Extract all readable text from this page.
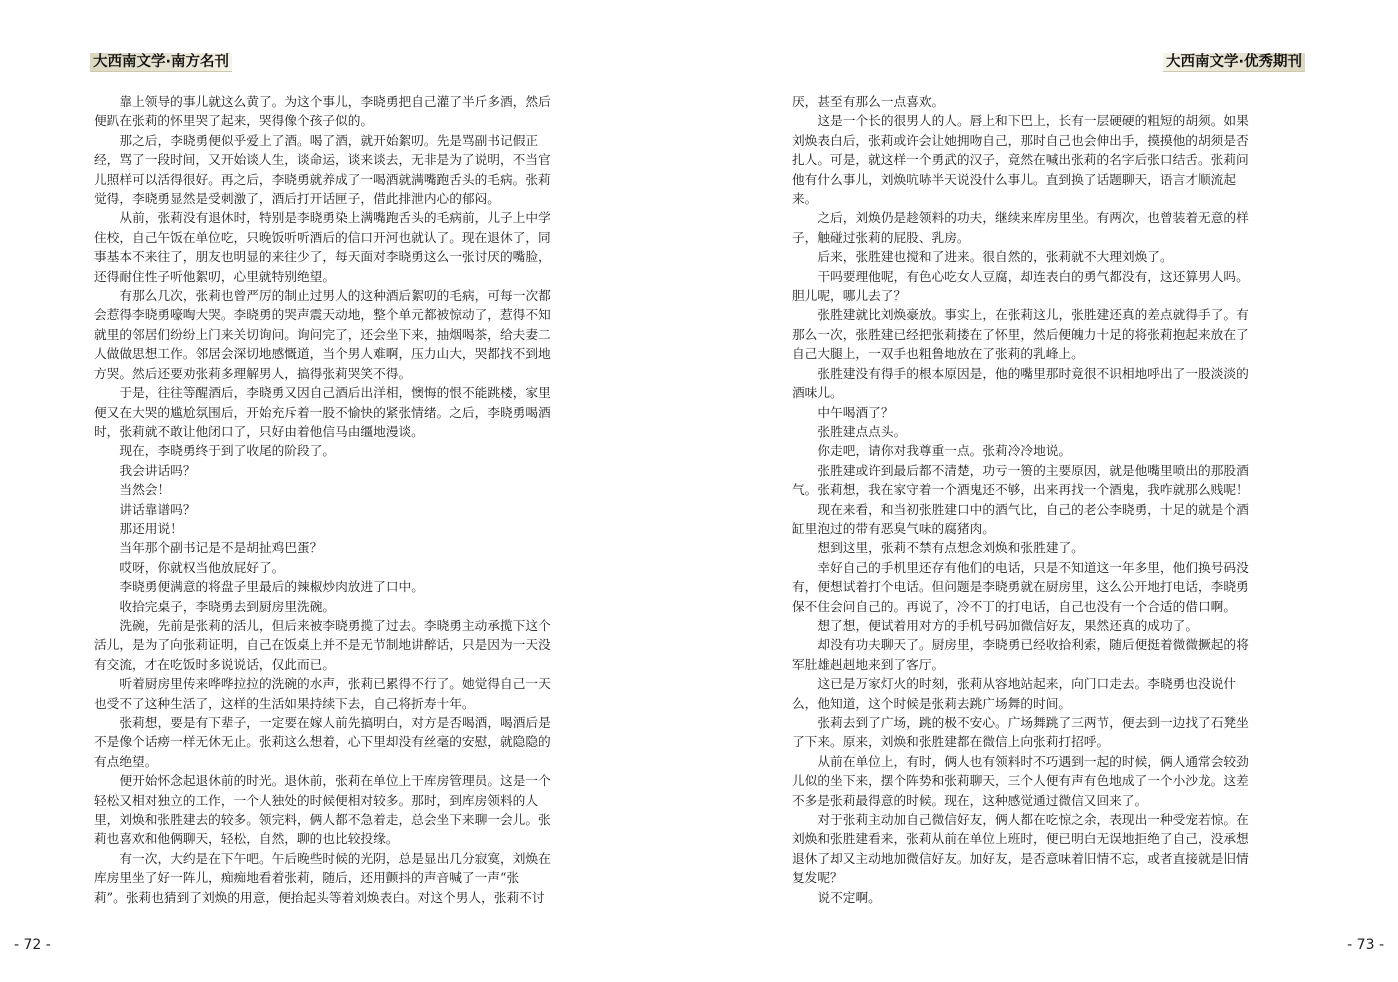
大西南文学·南方名刊

靠上领导的事儿就这么黄了。为这个事儿，李晓勇把自己灌了半斤多酒，然后

便趴在张莉的怀里哭了起来，哭得像个孩子似的。

那之后，李晓勇便似乎爱上了酒。喝了酒，就开始絮叨。先是骂副书记假正

经，骂了一段时间，又开始谈人生，谈命运，谈来谈去，无非是为了说明，不当官

儿照样可以活得很好。再之后，李晓勇就养成了一喝酒就满嘴跑舌头的毛病。张莉

觉得，李晓勇显然是受刺激了，酒后打开话匣子，借此排泄内心的郁闷。

从前，张莉没有退休时，特别是李晓勇染上满嘴跑舌头的毛病前，儿子上中学

住校，自己午饭在单位吃，只晚饭听听酒后的信口开河也就认了。现在退休了，同

事基本不来往了，朋友也明显的来往少了，每天面对李晓勇这么一张讨厌的嘴脸，

还得耐住性子听他絮叨，心里就特别绝望。

有那么几次，张莉也曾严厉的制止过男人的这种酒后絮叨的毛病，可每一次都

会惹得李晓勇嚎啕大哭。李晓勇的哭声震天动地，整个单元都被惊动了，惹得不知

就里的邻居们纷纷上门来关切询问。询问完了，还会坐下来，抽烟喝茶，给夫妻二

人做做思想工作。邻居会深切地感慨道，当个男人难啊，压力山大，哭都找不到地

方哭。然后还要劝张莉多理解男人，搞得张莉哭笑不得。

于是，往往等醒酒后，李晓勇又因自己酒后出洋相，懊悔的恨不能跳楼，家里

便又在大哭的尴尬氛围后，开始充斥着一股不愉快的紧张情绪。之后，李晓勇喝酒

时，张莉就不敢让他闭口了，只好由着他信马由缰地漫谈。

现在，李晓勇终于到了收尾的阶段了。

我会讲话吗？

当然会！

讲话靠谱吗？

那还用说！

当年那个副书记是不是胡扯鸡巴蛋？

哎呀，你就权当他放屁好了。

李晓勇便满意的将盘子里最后的辣椒炒肉放进了口中。

收拾完桌子，李晓勇去到厨房里洗碗。

洗碗，先前是张莉的活儿，但后来被李晓勇揽了过去。李晓勇主动承揽下这个

活儿，是为了向张莉证明，自己在饭桌上并不是无节制地讲醉话，只是因为一天没

有交流，才在吃饭时多说说话，仅此而已。

听着厨房里传来哗哗拉拉的洗碗的水声，张莉已累得不行了。她觉得自己一天

也受不了这种生活了，这样的生活如果持续下去，自己将折寿十年。

张莉想，要是有下辈子，一定要在嫁人前先搞明白，对方是否喝酒，喝酒后是

不是像个话痨一样无休无止。张莉这么想着，心下里却没有丝毫的安慰，就隐隐的

有点绝望。

便开始怀念起退休前的时光。退休前，张莉在单位上干库房管理员。这是一个

轻松又相对独立的工作，一个人独处的时候便相对较多。那时，到库房领料的人

里，刘焕和张胜建去的较多。领完料，俩人都不急着走，总会坐下来聊一会儿。张

莉也喜欢和他俩聊天，轻松，自然，聊的也比较投缘。

有一次，大约是在下午吧。午后晚些时候的光阴，总是显出几分寂寞，刘焕在

库房里坐了好一阵儿，痴痴地看着张莉，随后，还用颤抖的声音喊了一声“张

莉”。张莉也猜到了刘焕的用意，便抬起头等着刘焕表白。对这个男人，张莉不讨

- 72 -
大西南文学·优秀期刊

厌，甚至有那么一点喜欢。

这是一个长的很男人的人。唇上和下巴上，长有一层硬硬的粗短的胡须。如果

刘焕表白后，张莉或许会让她拥吻自己，那时自己也会伸出手，摸摸他的胡须是否

扎人。可是，就这样一个勇武的汉子，竟然在喊出张莉的名字后张口结舌。张莉问

他有什么事儿，刘焕吭哧半天说没什么事儿。直到换了话题聊天，语言才顺流起

来。

之后，刘焕仍是趁领料的功夫，继续来库房里坐。有两次，也曾装着无意的样

子，触碰过张莉的屁股、乳房。

后来，张胜建也搅和了进来。很自然的，张莉就不大理刘焕了。

干吗要理他呢，有色心吃女人豆腐，却连表白的勇气都没有，这还算男人吗。

胆儿呢，哪儿去了？

张胜建就比刘焕豪放。事实上，在张莉这儿，张胜建还真的差点就得手了。有

那么一次，张胜建已经把张莉搂在了怀里，然后便魄力十足的将张莉抱起来放在了

自己大腿上，一双手也粗鲁地放在了张莉的乳峰上。

张胜建没有得手的根本原因是，他的嘴里那时竟很不识相地呼出了一股淡淡的

酒味儿。

中午喝酒了？

张胜建点点头。

你走吧，请你对我尊重一点。张莉冷冷地说。

张胜建或许到最后都不清楚，功亏一篑的主要原因，就是他嘴里喷出的那股酒

气。张莉想，我在家守着一个酒鬼还不够，出来再找一个酒鬼，我咋就那么贱呢！

现在来看，和当初张胜建口中的酒气比，自己的老公李晓勇，十足的就是个酒

缸里泡过的带有恶臭气味的腐猪肉。

想到这里，张莉不禁有点想念刘焕和张胜建了。

幸好自己的手机里还存有他们的电话，只是不知道这一年多里，他们换号码没

有，便想试着打个电话。但问题是李晓勇就在厨房里，这么公开地打电话，李晓勇

保不住会问自己的。再说了，冷不丁的打电话，自己也没有一个合适的借口啊。

想了想，便试着用对方的手机号码加微信好友，果然还真的成功了。

却没有功夫聊天了。厨房里，李晓勇已经收拾利索，随后便挺着微微撅起的将

军肚雄赳赳地来到了客厅。

这已是万家灯火的时刻，张莉从容地站起来，向门口走去。李晓勇也没说什

么，他知道，这个时候是张莉去跳广场舞的时间。

张莉去到了广场，跳的极不安心。广场舞跳了三两节，便去到一边找了石凳坐

了下来。原来，刘焕和张胜建都在微信上向张莉打招呼。

从前在单位上，有时，俩人也有领料时不巧遇到一起的时候，俩人通常会较劲

儿似的坐下来，摆个阵势和张莉聊天，三个人便有声有色地成了一个小沙龙。这差

不多是张莉最得意的时候。现在，这种感觉通过微信又回来了。

对于张莉主动加自己微信好友，俩人都在吃惊之余，表现出一种受宠若惊。在

刘焕和张胜建看来，张莉从前在单位上班时，便已明白无误地拒绝了自己，没承想

退休了却又主动地加微信好友。加好友，是否意味着旧情不忘，或者直接就是旧情

复发呢？

说不定啊。

- 73 -
